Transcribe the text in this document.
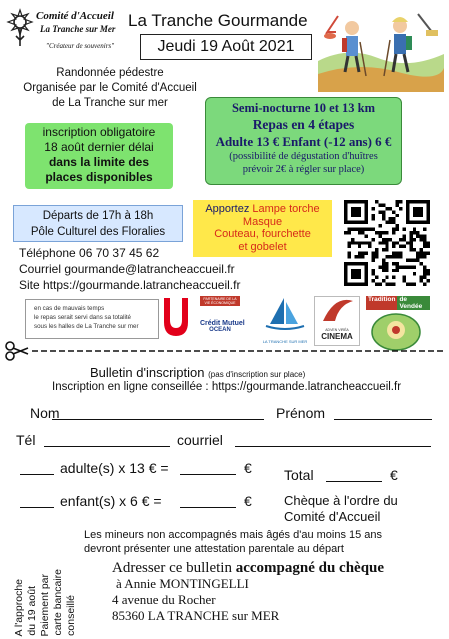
Comité d'Accueil
La Tranche sur Mer
"Créateur de souvenirs"
La Tranche Gourmande
Jeudi 19 Août 2021
Randonnée pédestre
Organisée par le Comité d'Accueil
de La Tranche sur mer	Semi-nocturne 10 et 13 km
Repas en 4 étapes
Adulte 13 € Enfant (-12 ans) 6 €
(possibilité de dégustation d'huîtres
prévoir 2€ à régler sur place)
inscription obligatoire
18 août dernier délai
dans la limite des
places disponibles
Départs de 17h à 18h
Pôle Culturel des Floralies
Apportez Lampe torche
Masque
Couteau, fourchette
et gobelet
Téléphone 06 70 37 45 62
Courriel gourmande@latrancheaccueil.fr
Site https://gourmande.latrancheaccueil.fr
en cas de mauvais temps
le repas serait servi dans sa totalité
sous les halles de La Tranche sur mer
PARTENAIRE DE LA VIE ÉCONOMIQUE
Crédit Mutuel
OCEAN
LA TRANCHE SUR MER
ADVEN VIRÉA
CINEMA
Tradition de Vendée
Bulletin d'inscription (pas d'inscription sur place)
Inscription en ligne conseillée : https://gourmande.latrancheaccueil.fr
Nom	Prénom
Tél	courriel
adulte(s) x 13 € =	€
enfant(s) x 6 € =	€
Total	€
Chèque à l'ordre du
Comité d'Accueil
Les mineurs non accompagnés mais âgés d'au moins 15 ans
devront présenter une attestation parentale au départ
A l'approche du 19 août Paiement par carte bancaire conseillé
Adresser ce bulletin accompagné du chèque
à Annie MONTINGELLI
4 avenue du Rocher
85360 LA TRANCHE sur MER
